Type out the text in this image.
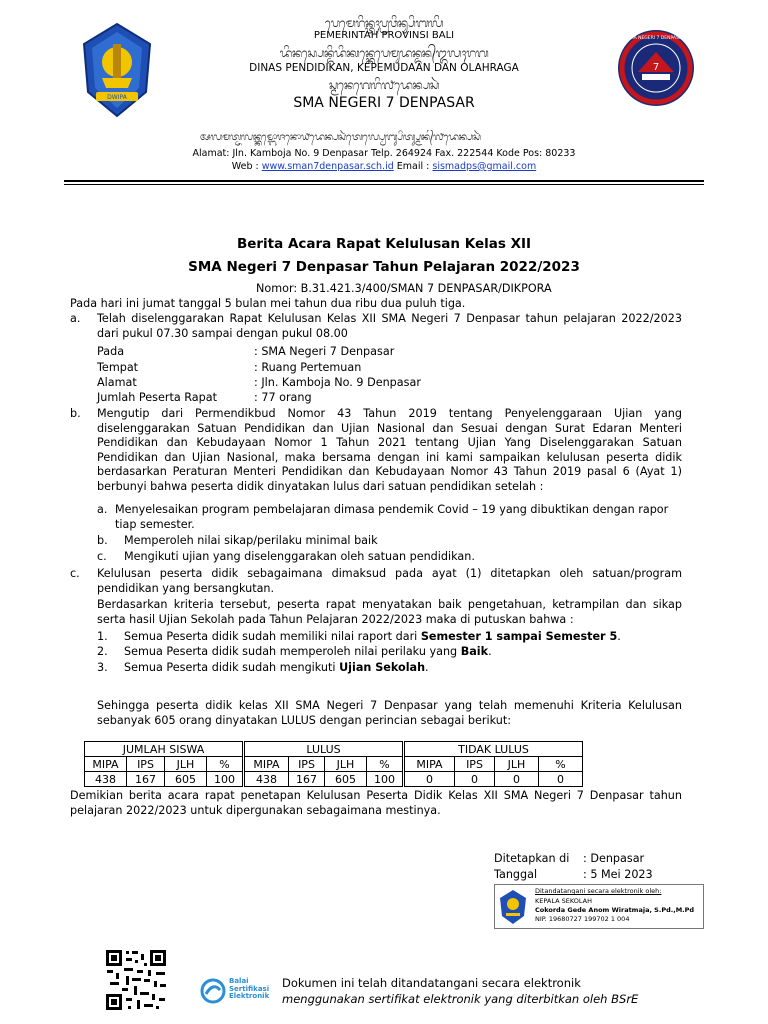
DWIPA
ᬧᬾᬫᬾᬭᬶᬦ᭄ᬢᬄᬧ᭄ᬭᬯᬶᬦ᭄ᬲᬶᬩᬮᬶ
PEMERINTAH PROVINSI BALI
ᬤᬶᬦᬲ᭄ᬧᬾᬦ᭄ᬤᬶᬤᬶᬓᬦ᭄ᬓᬾᬧᬾᬫᬸᬤᬦ᭄ᬤᬦ᭄ᬑᬮᬄᬭᬕ
DINAS PENDIDIKAN, KEPEMUDAAN DAN OLAHRAGA
ᬲ᭄ᬫᬦᬾᬕᬾᬭᬶ᭗ᬤᬾᬦ᭄ᬧᬲᬃ
SMA NEGERI 7 DENPASAR
7
SMA NEGERI 7 DENPASAR
ᬅᬮᬫᬢ᭄ᬚᬮᬦ᭄ᬓᬫ᭄ᬩᭀᬚᬦᭀ᭙ᬤᬾᬦ᭄ᬧᬲᬃᬢᬾᬮ᭄ᬧ᭄ᬯᬾᬩ᭄ᬲᬶᬢ᭄ᬲ᭄ᬫᬦ᭄᭗ᬤᬾᬦ᭄ᬧᬲᬃ
Alamat: Jln. Kamboja No. 9 Denpasar Telp. 264924 Fax. 222544 Kode Pos: 80233
Web : www.sman7denpasar.sch.id Email : sismadps@gmail.com
Berita Acara Rapat Kelulusan Kelas XII
SMA Negeri 7 Denpasar Tahun Pelajaran 2022/2023
Nomor: B.31.421.3/400/SMAN 7 DENPASAR/DIKPORA
Pada hari ini jumat tanggal 5 bulan mei tahun dua ribu dua puluh tiga.
a. Telah diselenggarakan Rapat Kelulusan Kelas XII SMA Negeri 7 Denpasar tahun pelajaran 2022/2023 dari pukul 07.30 sampai dengan pukul 08.00
Pada	: SMA Negeri 7 Denpasar
Tempat	: Ruang Pertemuan
Alamat	: Jln. Kamboja No. 9 Denpasar
Jumlah Peserta Rapat	: 77 orang
b. Mengutip dari Permendikbud Nomor 43 Tahun 2019 tentang Penyelenggaraan Ujian yang diselenggarakan Satuan Pendidikan dan Ujian Nasional dan Sesuai dengan Surat Edaran Menteri Pendidikan dan Kebudayaan Nomor 1 Tahun 2021 tentang Ujian Yang Diselenggarakan Satuan Pendidikan dan Ujian Nasional, maka bersama dengan ini kami sampaikan kelulusan peserta didik berdasarkan Peraturan Menteri Pendidikan dan Kebudayaan Nomor 43 Tahun 2019 pasal 6 (Ayat 1) berbunyi bahwa peserta didik dinyatakan lulus dari satuan pendidikan setelah :
a. Menyelesaikan program pembelajaran dimasa pendemik Covid – 19 yang dibuktikan dengan rapor tiap semester.
b. Memperoleh nilai sikap/perilaku minimal baik
c. Mengikuti ujian yang diselenggarakan oleh satuan pendidikan.
c. Kelulusan peserta didik sebagaimana dimaksud pada ayat (1) ditetapkan oleh satuan/program pendidikan yang bersangkutan.
Berdasarkan kriteria tersebut, peserta rapat menyatakan baik pengetahuan, ketrampilan dan sikap serta hasil Ujian Sekolah pada Tahun Pelajaran 2022/2023 maka di putuskan bahwa :
1. Semua Peserta didik sudah memiliki nilai raport dari Semester 1 sampai Semester 5.
2. Semua Peserta didik sudah memperoleh nilai perilaku yang Baik.
3. Semua Peserta didik sudah mengikuti Ujian Sekolah.
Sehingga peserta didik kelas XII SMA Negeri 7 Denpasar yang telah memenuhi Kriteria Kelulusan sebanyak 605 orang dinyatakan LULUS dengan perincian sebagai berikut:
JUMLAH SISWA					LULUS					TIDAK LULUS			
MIPA	IPS	JLH	%		MIPA	IPS	JLH	%		MIPA	IPS	JLH	%
438	167	605	100		438	167	605	100		0	0	0	0
Demikian berita acara rapat penetapan Kelulusan Peserta Didik Kelas XII SMA Negeri 7 Denpasar tahun pelajaran 2022/2023 untuk dipergunakan sebagaimana mestinya.
Ditetapkan di : Denpasar
Tanggal	: 5 Mei 2023
Ditandatangani secara elektronik oleh:
KEPALA SEKOLAH
Cokorda Gede Anom Wiratmaja, S.Pd.,M.Pd
NIP. 19680727 199702 1 004
Balai
Sertifikasi
Elektronik
Dokumen ini telah ditandatangani secara elektronik
menggunakan sertifikat elektronik yang diterbitkan oleh BSrE
